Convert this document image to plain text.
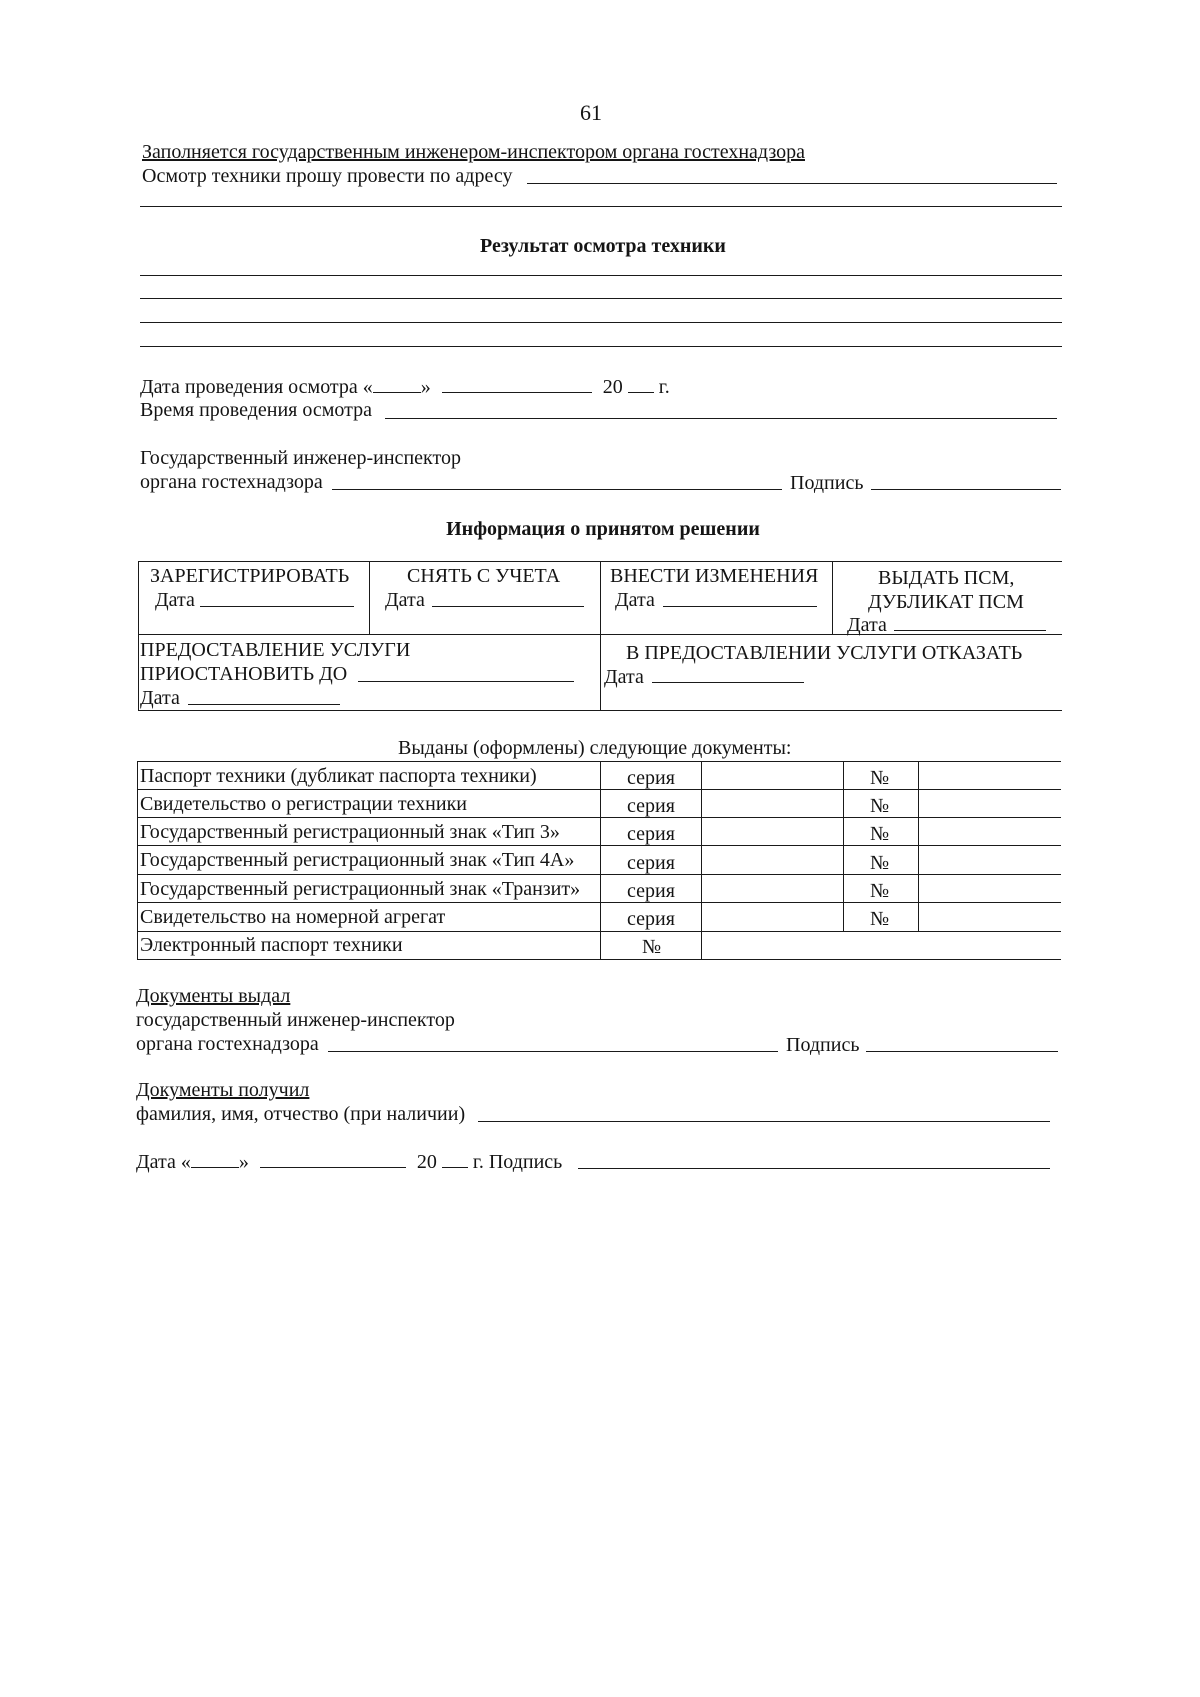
61
Заполняется государственным инженером-инспектором органа гостехнадзора
Осмотр техники прошу провести по адресу
Результат осмотра техники
Дата проведения осмотра « »	20 г.
Время проведения осмотра
Государственный инженер-инспектор
органа гостехнадзора	Подпись
Информация о принятом решении
ЗАРЕГИСТРИРОВАТЬ
Дата
СНЯТЬ С УЧЕТА
Дата
ВНЕСТИ ИЗМЕНЕНИЯ
Дата
ВЫДАТЬ ПСМ,
ДУБЛИКАТ ПСМ
Дата
ПРЕДОСТАВЛЕНИЕ УСЛУГИ
ПРИОСТАНОВИТЬ ДО
Дата
В ПРЕДОСТАВЛЕНИИ УСЛУГИ ОТКАЗАТЬ
Дата
Выданы (оформлены) следующие документы:
Паспорт техники (дубликат паспорта техники)	серия	№
Свидетельство о регистрации техники	серия	№
Государственный регистрационный знак «Тип 3»	серия	№
Государственный регистрационный знак «Тип 4А»	серия	№
Государственный регистрационный знак «Транзит» серия	№
Свидетельство на номерной агрегат	серия	№
Электронный паспорт техники	№
Документы выдал
государственный инженер-инспектор
органа гостехнадзора	Подпись
Документы получил
фамилия, имя, отчество (при наличии)
Дата « »	20 г. Подпись
